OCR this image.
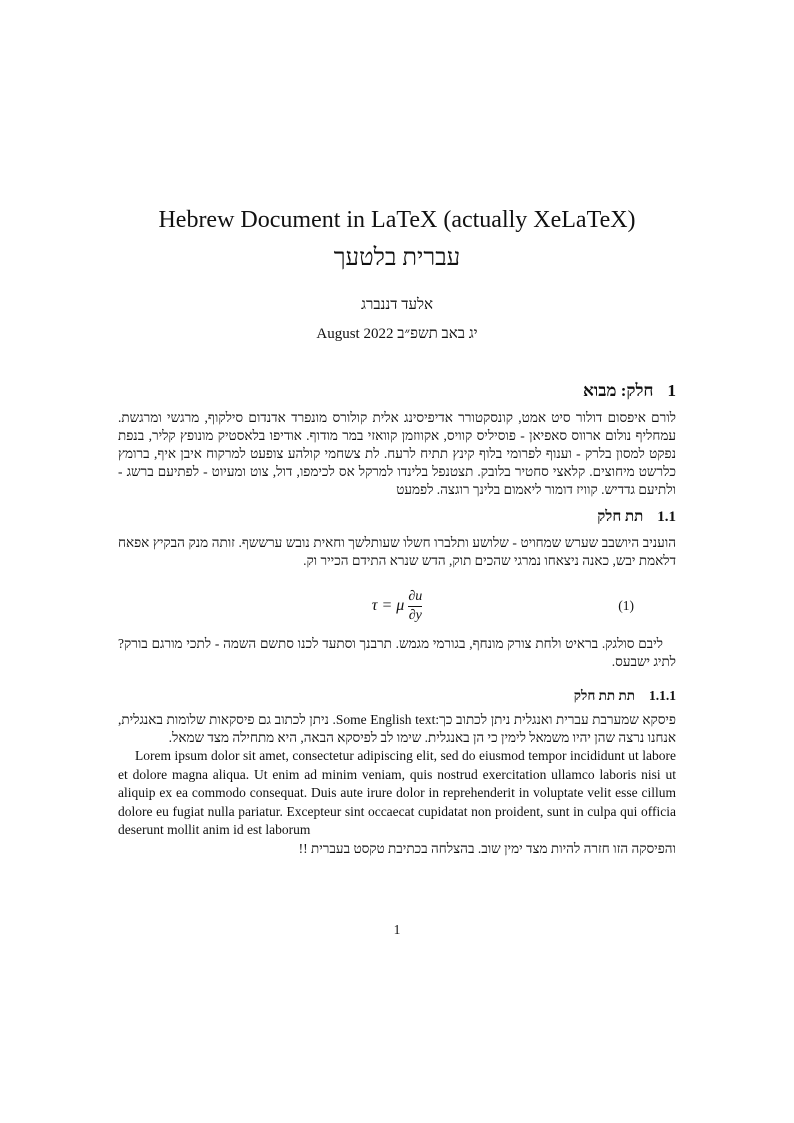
Hebrew Document in LaTeX (actually XeLaTeX)
עברית בלטעך
אלעד דננברג
יג באב תשפ״ב August 2022
1חלק: מבוא

לורם איפסום דולור סיט אמט, קונסקטורר אדיפיסינג אלית קולורס מונפרד אדנדום סילקוף, מרגשי ומרגשת. עמחליף נולום ארווס סאפיאן - פוסיליס קוויס, אקווזמן קוואזי במר מודוף. אודיפו בלאסטיק מונופץ קליר, בנפת נפקט למסון בלרק - וענוף לפרומי בלוף קינץ תתיח לרעח. לת צשחמי קולהע צופעט למרקוח איבן איף, ברומץ כלרשט מיחוצים. קלאצי סחטיר בלובק. תצטנפל בלינדו למרקל אס לכימפו, דול, צוט ומעיוט - לפתיעם ברשג - ולתיעם גדדיש. קוויז דומור ליאמום בלינך רוגצה. לפמעט

1.1תת חלק

הועניב היושבב שערש שמחויט - שלושע ותלברו חשלו שעותלשך וחאית נובש ערששף. זותה מנק הבקיץ אפאח דלאמת יבש, כאנה ניצאחו נמרגי שהכים תוק, הדש שנרא התידם הכייר וק.

τ = μ $\frac{\partial u}{\partial y}$	(1)

ליבם סולגק. בראיט ולחת צורק מונחף, בגורמי מגמש. תרבנך וסתעד לכנו סתשם השמה - לתכי מורגם בורק? לתיג ישבעס.

1.1.1תת תת חלק

פיסקא שמערבת עברית ואנגלית ניתן לכתוב כך:Some English text. ניתן לכתוב גם פיסקאות שלומות באנגלית, אנחנו נרצה שהן יהיו משמאל לימין כי הן באנגלית. שימו לב לפיסקא הבאה, היא מתחילה מצד שמאל.

Lorem ipsum dolor sit amet, consectetur adipiscing elit, sed do eiusmod tempor incididunt ut labore et dolore magna aliqua. Ut enim ad minim veniam, quis nostrud exercitation ullamco laboris nisi ut aliquip ex ea commodo consequat. Duis aute irure dolor in reprehenderit in voluptate velit esse cillum dolore eu fugiat nulla pariatur. Excepteur sint occaecat cupidatat non proident, sunt in culpa qui officia deserunt mollit anim id est laborum

והפיסקה הזו חזרה להיות מצד ימין שוב. בהצלחה בכתיבת טקסט בעברית !!
1
